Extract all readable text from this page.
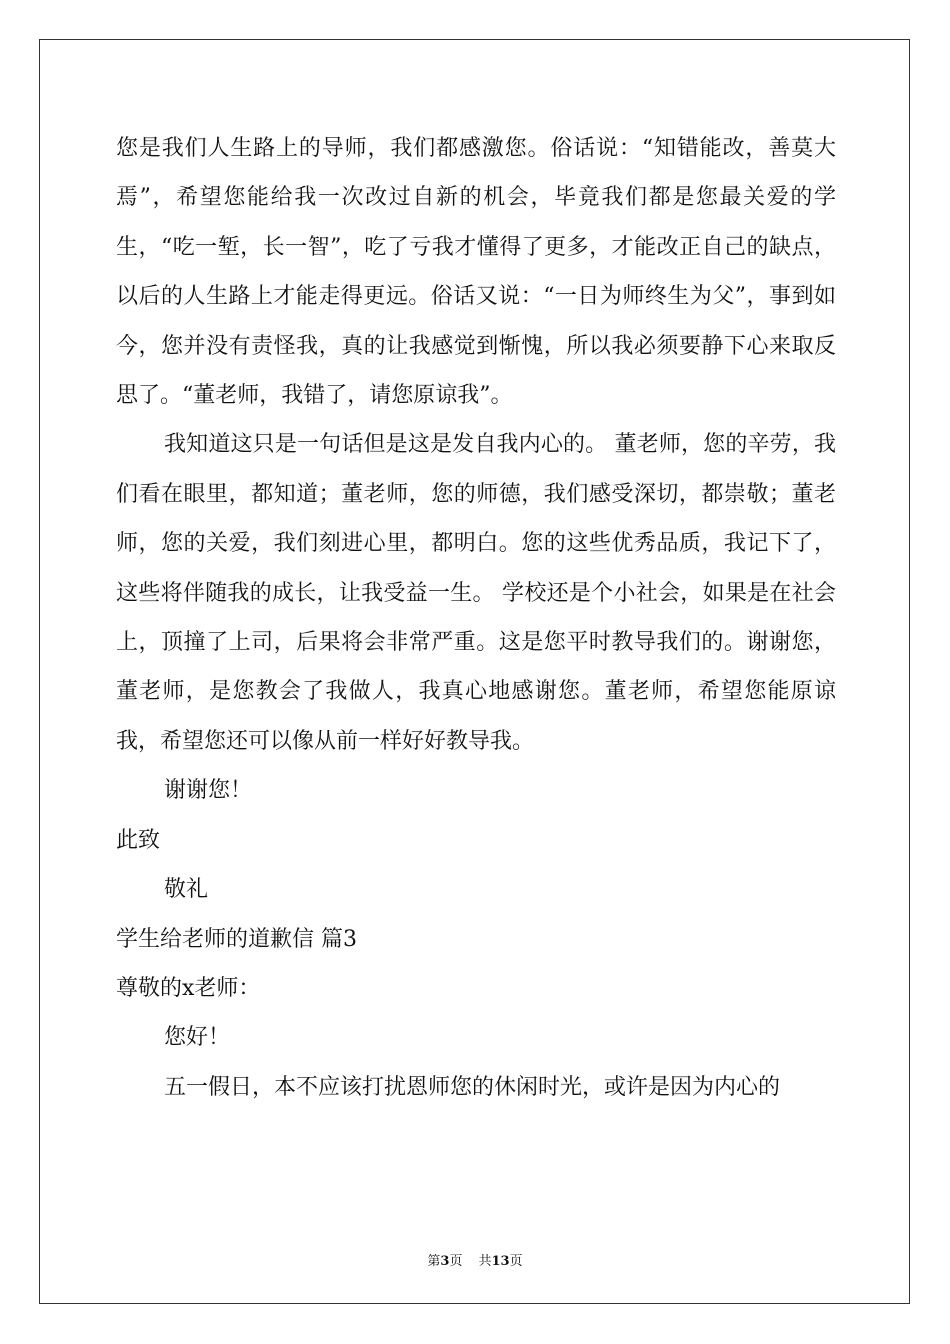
您是我们人生路上的导师，我们都感激您。俗话说：“知错能改，善莫大焉”，希望您能给我一次改过自新的机会，毕竟我们都是您最关爱的学生，“吃一堑，长一智”，吃了亏我才懂得了更多，才能改正自己的缺点，以后的人生路上才能走得更远。俗话又说：“一日为师终生为父”，事到如今，您并没有责怪我，真的让我感觉到惭愧，所以我必须要静下心来取反思了。“董老师，我错了，请您原谅我”。

我知道这只是一句话但是这是发自我内心的。 董老师，您的辛劳，我们看在眼里，都知道；董老师，您的师德，我们感受深切，都崇敬；董老师，您的关爱，我们刻进心里，都明白。您的这些优秀品质，我记下了，这些将伴随我的成长，让我受益一生。 学校还是个小社会，如果是在社会上，顶撞了上司，后果将会非常严重。这是您平时教导我们的。谢谢您，董老师，是您教会了我做人，我真心地感谢您。董老师，希望您能原谅我，希望您还可以像从前一样好好教导我。

谢谢您！

此致

敬礼

学生给老师的道歉信 篇3

尊敬的x老师：

您好！

五一假日，本不应该打扰恩师您的休闲时光，或许是因为内心的

第3页 共13页
